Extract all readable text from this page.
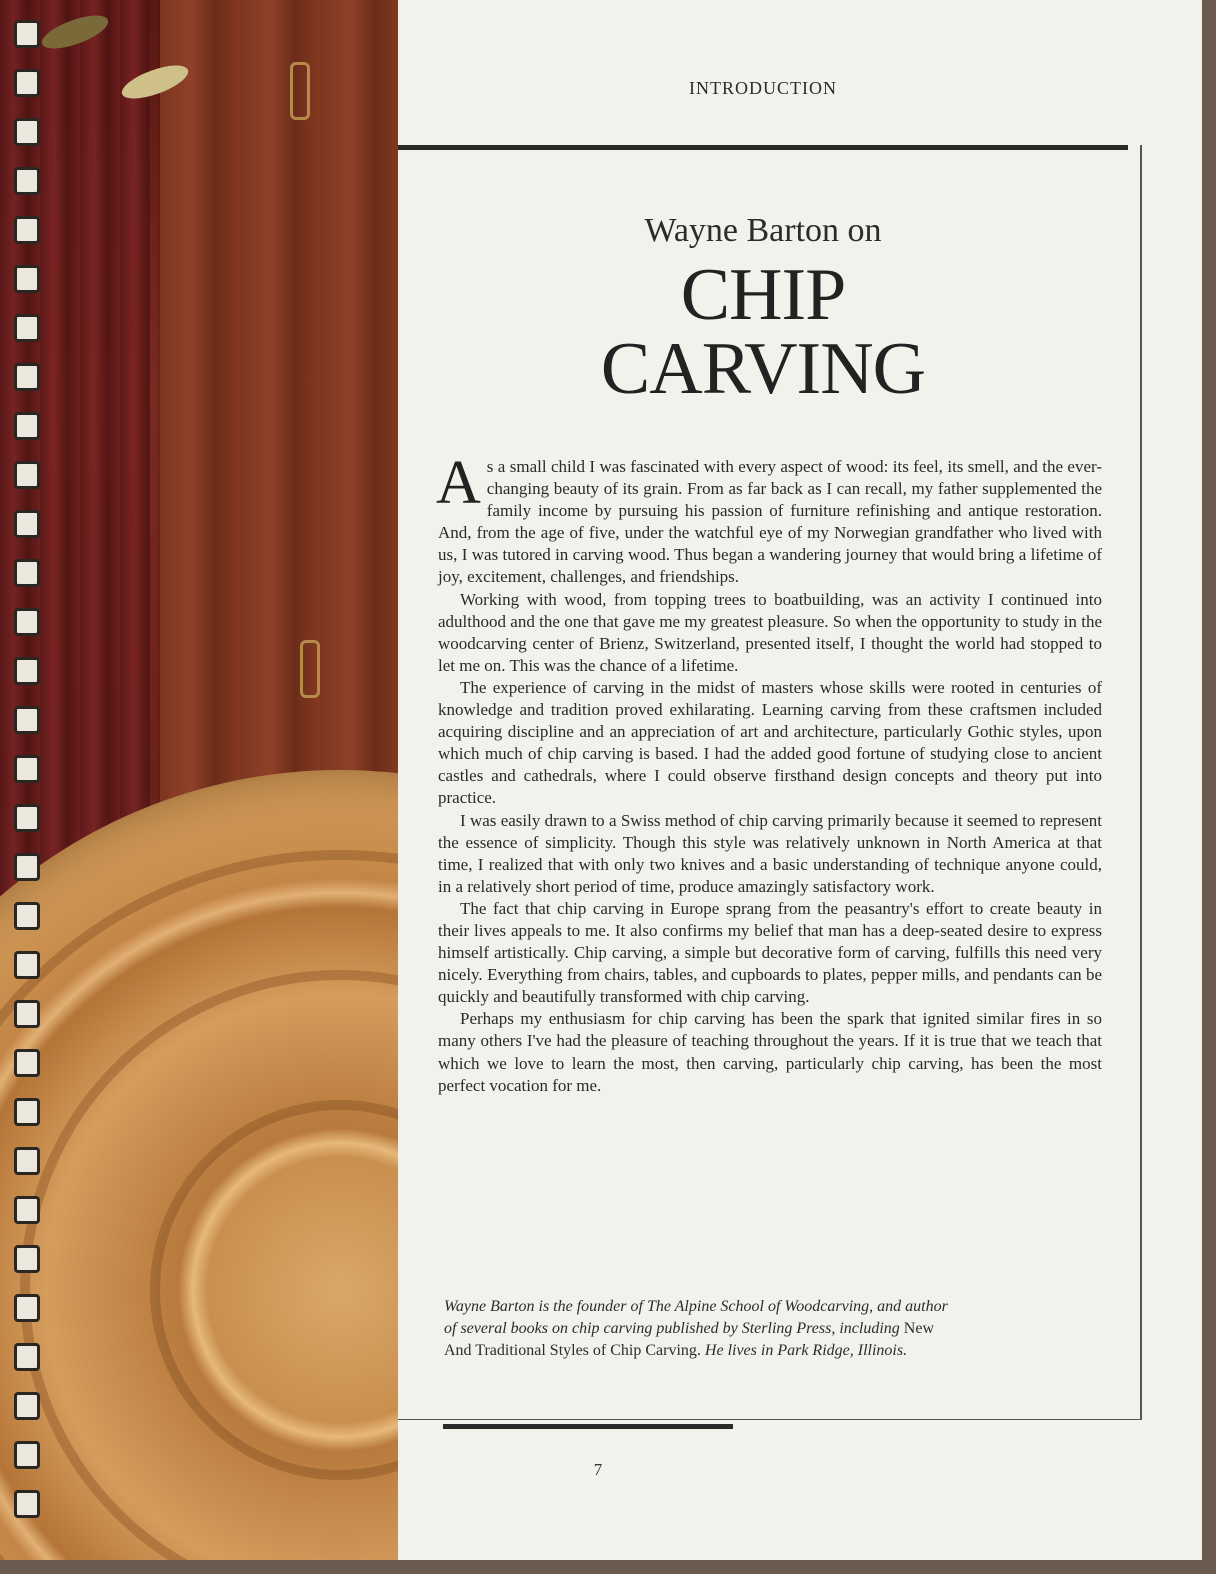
INTRODUCTION
Wayne Barton on
CHIP
CARVING

As a small child I was fascinated with every aspect of wood: its feel, its smell, and the ever-changing beauty of its grain. From as far back as I can recall, my father supplemented the family income by pursuing his passion of furniture refinishing and antique restoration. And, from the age of five, under the watchful eye of my Norwegian grandfather who lived with us, I was tutored in carving wood. Thus began a wandering journey that would bring a lifetime of joy, excitement, challenges, and friendships.

Working with wood, from topping trees to boatbuilding, was an activity I continued into adulthood and the one that gave me my greatest pleasure. So when the opportunity to study in the woodcarving center of Brienz, Switzerland, presented itself, I thought the world had stopped to let me on. This was the chance of a lifetime.

The experience of carving in the midst of masters whose skills were rooted in centuries of knowledge and tradition proved exhilarating. Learning carving from these craftsmen included acquiring discipline and an appreciation of art and architecture, particularly Gothic styles, upon which much of chip carving is based. I had the added good fortune of studying close to ancient castles and cathedrals, where I could observe firsthand design concepts and theory put into practice.

I was easily drawn to a Swiss method of chip carving primarily because it seemed to represent the essence of simplicity. Though this style was relatively unknown in North America at that time, I realized that with only two knives and a basic understanding of technique anyone could, in a relatively short period of time, produce amazingly satisfactory work.

The fact that chip carving in Europe sprang from the peasantry's effort to create beauty in their lives appeals to me. It also confirms my belief that man has a deep-seated desire to express himself artistically. Chip carving, a simple but decorative form of carving, fulfills this need very nicely. Everything from chairs, tables, and cupboards to plates, pepper mills, and pendants can be quickly and beautifully transformed with chip carving.

Perhaps my enthusiasm for chip carving has been the spark that ignited similar fires in so many others I've had the pleasure of teaching throughout the years. If it is true that we teach that which we love to learn the most, then carving, particularly chip carving, has been the most perfect vocation for me.

Wayne Barton is the founder of The Alpine School of Woodcarving, and author of several books on chip carving published by Sterling Press, including New And Traditional Styles of Chip Carving. He lives in Park Ridge, Illinois.
7
